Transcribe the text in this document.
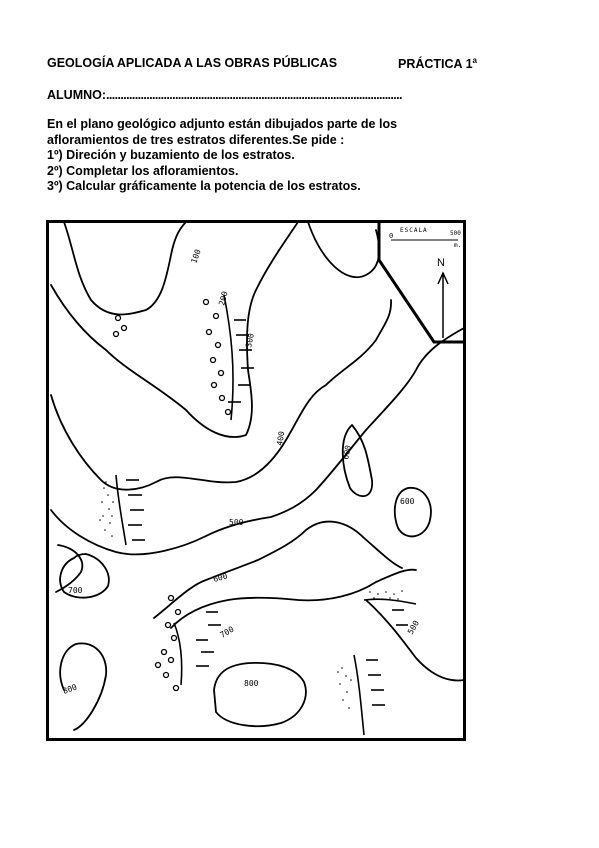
GEOLOGÍA APLICADA A LAS OBRAS PÚBLICAS	PRÁCTICA 1$^a$
ALUMNO:.......................................................................................................
En el plano geológico adjunto están dibujados parte de los
afloramientos de tres estratos diferentes.Se pide :
1º) Direción y buzamiento de los estratos.
2º) Completar los afloramientos.
3º) Calcular gráficamente la potencia de los estratos.
100
200
300
400
600
600
500
700
600
700
800
800
500
ESCALA
0	500
m.
N
